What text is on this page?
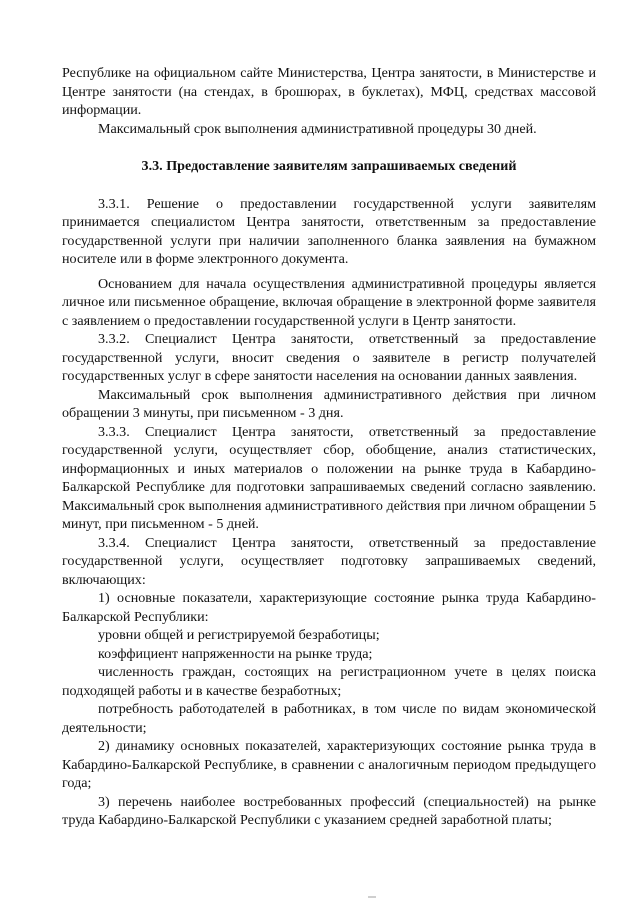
Республике на официальном сайте Министерства, Центра занятости, в Министерстве и Центре занятости (на стендах, в брошюрах, в буклетах), МФЦ, средствах массовой информации.

Максимальный срок выполнения административной процедуры 30 дней.

3.3. Предоставление заявителям запрашиваемых сведений

3.3.1. Решение о предоставлении государственной услуги заявителям принимается специалистом Центра занятости, ответственным за предоставление государственной услуги при наличии заполненного бланка заявления на бумажном носителе или в форме электронного документа.

Основанием для начала осуществления административной процедуры является личное или письменное обращение, включая обращение в электронной форме заявителя с заявлением о предоставлении государственной услуги в Центр занятости.

3.3.2. Специалист Центра занятости, ответственный за предоставление государственной услуги, вносит сведения о заявителе в регистр получателей государственных услуг в сфере занятости населения на основании данных заявления.

Максимальный срок выполнения административного действия при личном обращении 3 минуты, при письменном - 3 дня.

3.3.3. Специалист Центра занятости, ответственный за предоставление государственной услуги, осуществляет сбор, обобщение, анализ статистических, информационных и иных материалов о положении на рынке труда в Кабардино-Балкарской Республике для подготовки запрашиваемых сведений согласно заявлению. Максимальный срок выполнения административного действия при личном обращении 5 минут, при письменном - 5 дней.

3.3.4. Специалист Центра занятости, ответственный за предоставление государственной услуги, осуществляет подготовку запрашиваемых сведений, включающих:

1) основные показатели, характеризующие состояние рынка труда Кабардино-Балкарской Республики:

уровни общей и регистрируемой безработицы;

коэффициент напряженности на рынке труда;

численность граждан, состоящих на регистрационном учете в целях поиска подходящей работы и в качестве безработных;

потребность работодателей в работниках, в том числе по видам экономической деятельности;

2) динамику основных показателей, характеризующих состояние рынка труда в Кабардино-Балкарской Республике, в сравнении с аналогичным периодом предыдущего года;

3) перечень наиболее востребованных профессий (специальностей) на рынке труда Кабардино-Балкарской Республики с указанием средней заработной платы;
